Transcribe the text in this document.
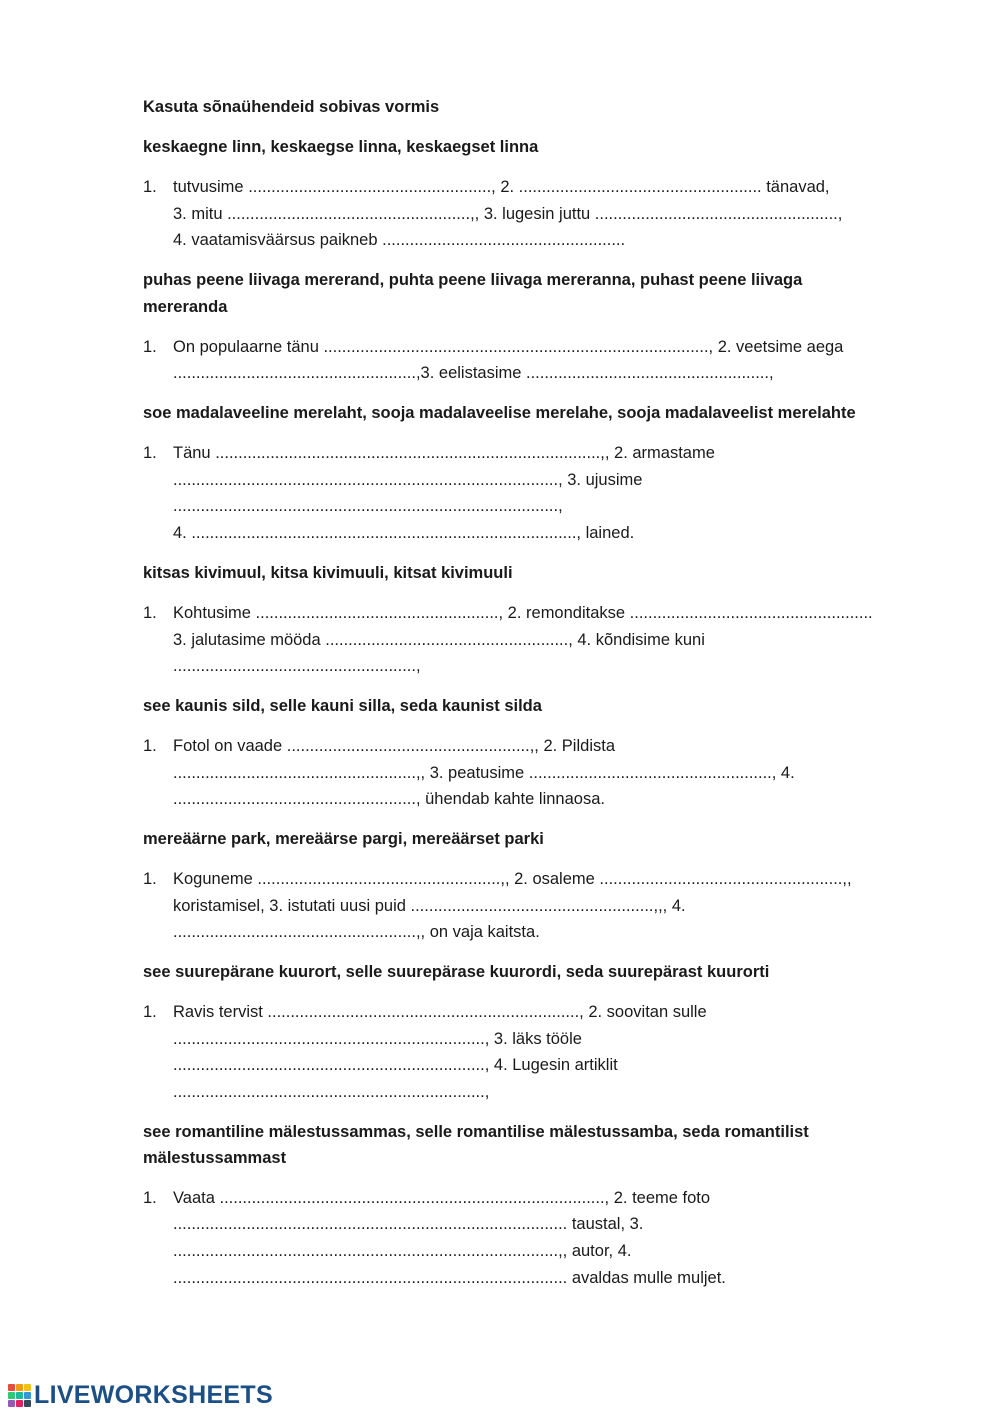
Kasuta sõnaühendeid sobivas vormis
keskaegne linn, keskaegse linna, keskaegset linna
1. tutvusime ....................................................., 2. ..................................................... tänavad,
3. mitu .....................................................,, 3. lugesin juttu .....................................................,
4. vaatamisväärsus paikneb .....................................................
puhas peene liivaga mererand, puhta peene liivaga mereranna, puhast peene liivaga
mereranda
1. On populaarne tänu ...................................................................................., 2. veetsime aega
.....................................................,3. eelistasime .....................................................,
soe madalaveeline merelaht, sooja madalaveelise merelahe, sooja madalaveelist merelahte
1. Tänu ....................................................................................,, 2. armastame
...................................................................................., 3. ujusime
....................................................................................,
4. ...................................................................................., lained.
kitsas kivimuul, kitsa kivimuuli, kitsat kivimuuli
1. Kohtusime ....................................................., 2. remonditakse .....................................................
3. jalutasime mööda ....................................................., 4. kõndisime kuni
.....................................................,
see kaunis sild, selle kauni silla, seda kaunist silda
1. Fotol on vaade .....................................................,, 2. Pildista
.....................................................,, 3. peatusime ....................................................., 4.
....................................................., ühendab kahte linnaosa.
mereäärne park, mereäärse pargi, mereäärset parki
1. Koguneme .....................................................,, 2. osaleme .....................................................,,
koristamisel, 3. istutati uusi puid .....................................................,,, 4.
.....................................................,, on vaja kaitsta.
see suurepärane kuurort, selle suurepärase kuurordi, seda suurepärast kuurorti
1. Ravis tervist ...................................................................., 2. soovitan sulle
...................................................................., 3. läks tööle
...................................................................., 4. Lugesin artiklit
....................................................................,
see romantiline mälestussammas, selle romantilise mälestussamba, seda romantilist
mälestussammast
1. Vaata ...................................................................................., 2. teeme foto
...................................................................................... taustal, 3.
....................................................................................,, autor, 4.
...................................................................................... avaldas mulle muljet.
LIVEWORKSHEETS
